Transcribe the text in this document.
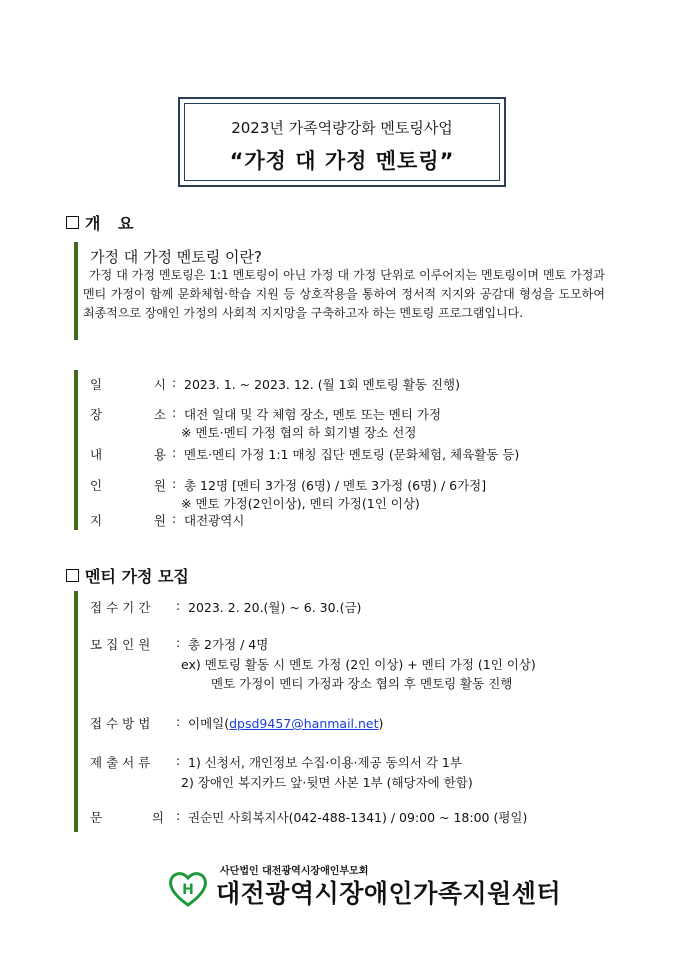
2023년 가족역량강화 멘토링사업
“가정 대 가정 멘토링”
개 요
가정 대 가정 멘토링 이란?
가정 대 가정 멘토링은 1:1 멘토링이 아닌 가정 대 가정 단위로 이루어지는 멘토링이며 멘토 가정과 멘티 가정이 함께 문화체험·학습 지원 등 상호작용을 통하여 정서적 지지와 공감대 형성을 도모하여 최종적으로 장애인 가정의 사회적 지지망을 구축하고자 하는 멘토링 프로그램입니다.
일	시 : 2023. 1. ~ 2023. 12. (월 1회 멘토링 활동 진행)
장	소 : 대전 일대 및 각 체험 장소, 멘토 또는 멘티 가정
※ 멘토·멘티 가정 협의 하 회기별 장소 선정
내	용 : 멘토·멘티 가정 1:1 매칭 집단 멘토링 (문화체험, 체육활동 등)
인	원 : 총 12명 [멘티 3가정 (6명) / 멘토 3가정 (6명) / 6가정]
※ 멘토 가정(2인이상), 멘티 가정(1인 이상)
지	원 : 대전광역시
멘티 가정 모집
접수기간	: 2023. 2. 20.(월) ~ 6. 30.(금)
모집인원	: 총 2가정 / 4명
ex) 멘토링 활동 시 멘토 가정 (2인 이상) + 멘티 가정 (1인 이상)
멘토 가정이 멘티 가정과 장소 협의 후 멘토링 활동 진행
접수방법	: 이메일(dpsd9457@hanmail.net)
제출서류	: 1) 신청서, 개인정보 수집·이용·제공 동의서 각 1부
2) 장애인 복지카드 앞·뒷면 사본 1부 (해당자에 한함)
문	의 : 권순민 사회복지사(042-488-1341) / 09:00 ~ 18:00 (평일)
H
사단법인 대전광역시장애인부모회
대전광역시장애인가족지원센터
